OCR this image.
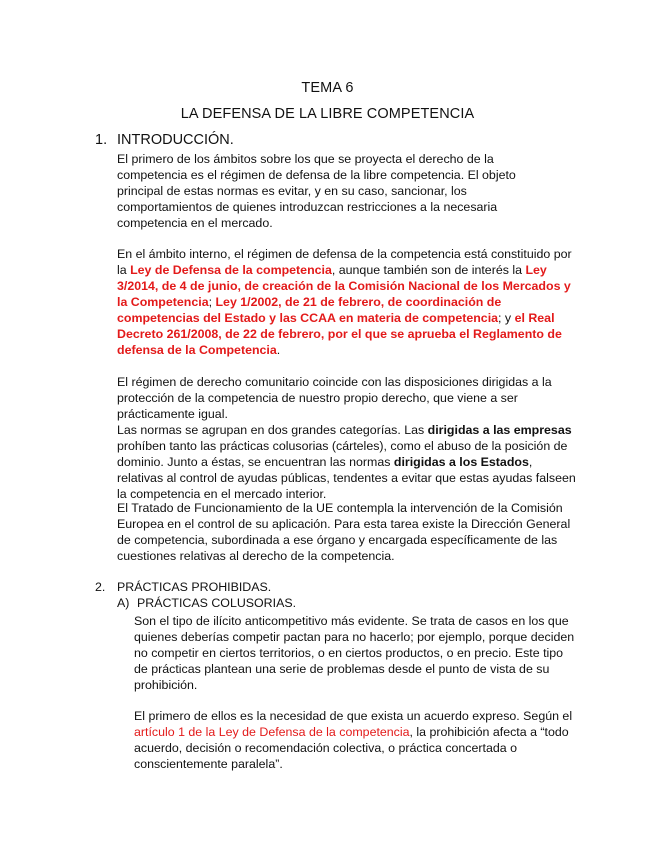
TEMA 6
LA DEFENSA DE LA LIBRE COMPETENCIA
1. INTRODUCCIÓN.

El primero de los ámbitos sobre los que se proyecta el derecho de la competencia es el régimen de defensa de la libre competencia. El objeto principal de estas normas es evitar, y en su caso, sancionar, los comportamientos de quienes introduzcan restricciones a la necesaria competencia en el mercado.

En el ámbito interno, el régimen de defensa de la competencia está constituido por la Ley de Defensa de la competencia, aunque también son de interés la Ley 3/2014, de 4 de junio, de creación de la Comisión Nacional de los Mercados y la Competencia; Ley 1/2002, de 21 de febrero, de coordinación de competencias del Estado y las CCAA en materia de competencia; y el Real Decreto 261/2008, de 22 de febrero, por el que se aprueba el Reglamento de defensa de la Competencia.

El régimen de derecho comunitario coincide con las disposiciones dirigidas a la protección de la competencia de nuestro propio derecho, que viene a ser prácticamente igual.

Las normas se agrupan en dos grandes categorías. Las dirigidas a las empresas prohíben tanto las prácticas colusorias (cárteles), como el abuso de la posición de dominio. Junto a éstas, se encuentran las normas dirigidas a los Estados, relativas al control de ayudas públicas, tendentes a evitar que estas ayudas falseen la competencia en el mercado interior.

El Tratado de Funcionamiento de la UE contempla la intervención de la Comisión Europea en el control de su aplicación. Para esta tarea existe la Dirección General de competencia, subordinada a ese órgano y encargada específicamente de las cuestiones relativas al derecho de la competencia.

2. PRÁCTICAS PROHIBIDAS.
A) PRÁCTICAS COLUSORIAS.

Son el tipo de ilícito anticompetitivo más evidente. Se trata de casos en los que quienes deberías competir pactan para no hacerlo; por ejemplo, porque deciden no competir en ciertos territorios, o en ciertos productos, o en precio. Este tipo de prácticas plantean una serie de problemas desde el punto de vista de su prohibición.

El primero de ellos es la necesidad de que exista un acuerdo expreso. Según el artículo 1 de la Ley de Defensa de la competencia, la prohibición afecta a “todo acuerdo, decisión o recomendación colectiva, o práctica concertada o conscientemente paralela”.
